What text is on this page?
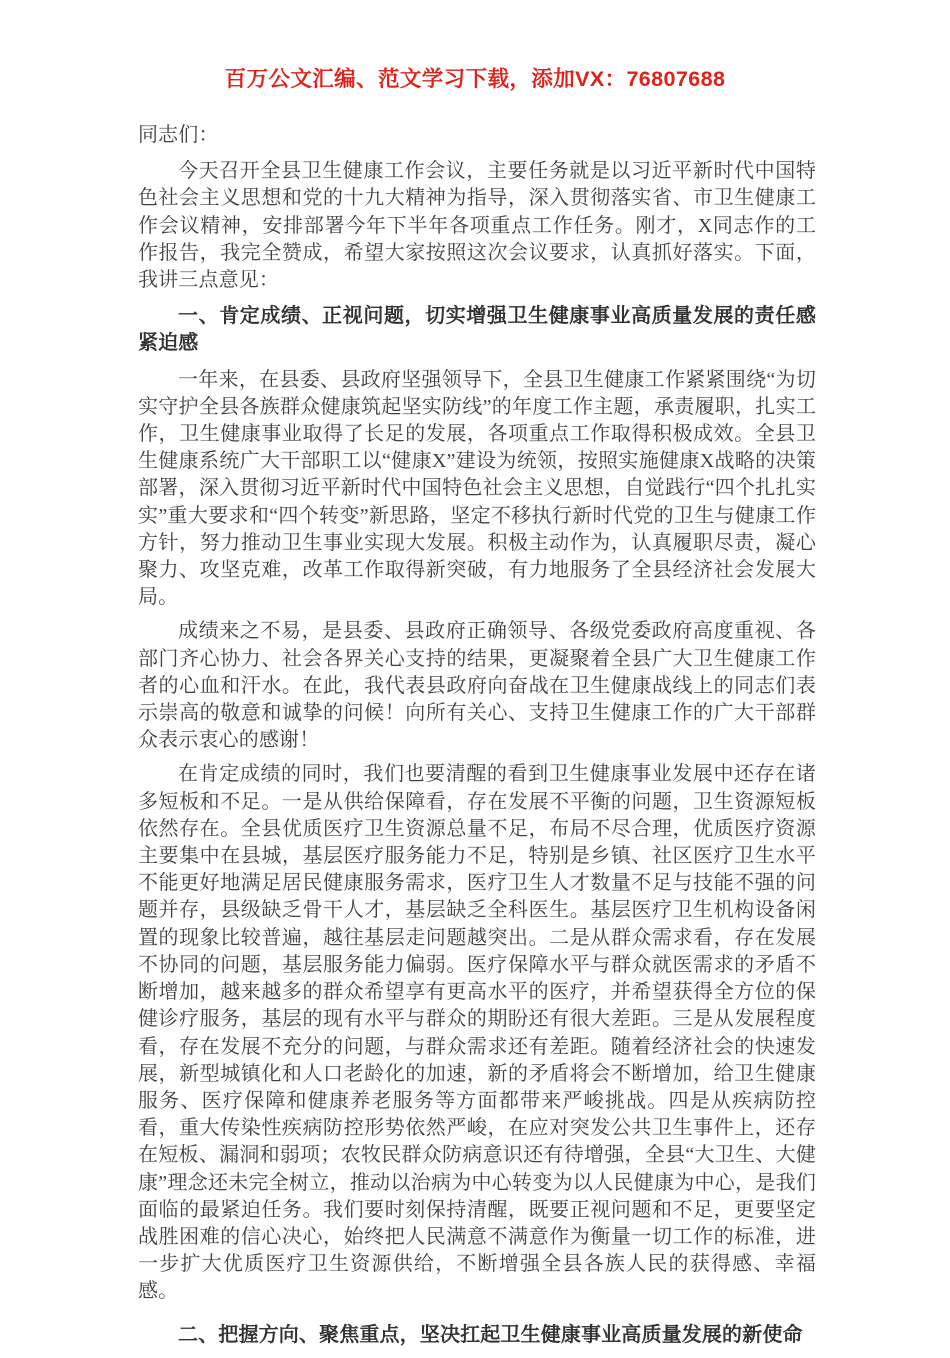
百万公文汇编、范文学习下载，添加VX：76807688

同志们：

今天召开全县卫生健康工作会议，主要任务就是以习近平新时代中国特色社会主义思想和党的十九大精神为指导，深入贯彻落实省、市卫生健康工作会议精神，安排部署今年下半年各项重点工作任务。刚才，X同志作的工作报告，我完全赞成，希望大家按照这次会议要求，认真抓好落实。下面，我讲三点意见：

一、肯定成绩、正视问题，切实增强卫生健康事业高质量发展的责任感紧迫感

一年来，在县委、县政府坚强领导下，全县卫生健康工作紧紧围绕“为切实守护全县各族群众健康筑起坚实防线”的年度工作主题，承责履职，扎实工作，卫生健康事业取得了长足的发展，各项重点工作取得积极成效。全县卫生健康系统广大干部职工以“健康X”建设为统领，按照实施健康X战略的决策部署，深入贯彻习近平新时代中国特色社会主义思想，自觉践行“四个扎扎实实”重大要求和“四个转变”新思路，坚定不移执行新时代党的卫生与健康工作方针，努力推动卫生事业实现大发展。积极主动作为，认真履职尽责，凝心聚力、攻坚克难，改革工作取得新突破，有力地服务了全县经济社会发展大局。

成绩来之不易，是县委、县政府正确领导、各级党委政府高度重视、各部门齐心协力、社会各界关心支持的结果，更凝聚着全县广大卫生健康工作者的心血和汗水。在此，我代表县政府向奋战在卫生健康战线上的同志们表示崇高的敬意和诚挚的问候！向所有关心、支持卫生健康工作的广大干部群众表示衷心的感谢！

在肯定成绩的同时，我们也要清醒的看到卫生健康事业发展中还存在诸多短板和不足。一是从供给保障看，存在发展不平衡的问题，卫生资源短板依然存在。全县优质医疗卫生资源总量不足，布局不尽合理，优质医疗资源主要集中在县城，基层医疗服务能力不足，特别是乡镇、社区医疗卫生水平不能更好地满足居民健康服务需求，医疗卫生人才数量不足与技能不强的问题并存，县级缺乏骨干人才，基层缺乏全科医生。基层医疗卫生机构设备闲置的现象比较普遍，越往基层走问题越突出。二是从群众需求看，存在发展不协同的问题，基层服务能力偏弱。医疗保障水平与群众就医需求的矛盾不断增加，越来越多的群众希望享有更高水平的医疗，并希望获得全方位的保健诊疗服务，基层的现有水平与群众的期盼还有很大差距。三是从发展程度看，存在发展不充分的问题，与群众需求还有差距。随着经济社会的快速发展，新型城镇化和人口老龄化的加速，新的矛盾将会不断增加，给卫生健康服务、医疗保障和健康养老服务等方面都带来严峻挑战。四是从疾病防控看，重大传染性疾病防控形势依然严峻，在应对突发公共卫生事件上，还存在短板、漏洞和弱项；农牧民群众防病意识还有待增强，全县“大卫生、大健康”理念还未完全树立，推动以治病为中心转变为以人民健康为中心，是我们面临的最紧迫任务。我们要时刻保持清醒，既要正视问题和不足，更要坚定战胜困难的信心决心，始终把人民满意不满意作为衡量一切工作的标准，进一步扩大优质医疗卫生资源供给，不断增强全县各族人民的获得感、幸福感。

二、把握方向、聚焦重点，坚决扛起卫生健康事业高质量发展的新使命
